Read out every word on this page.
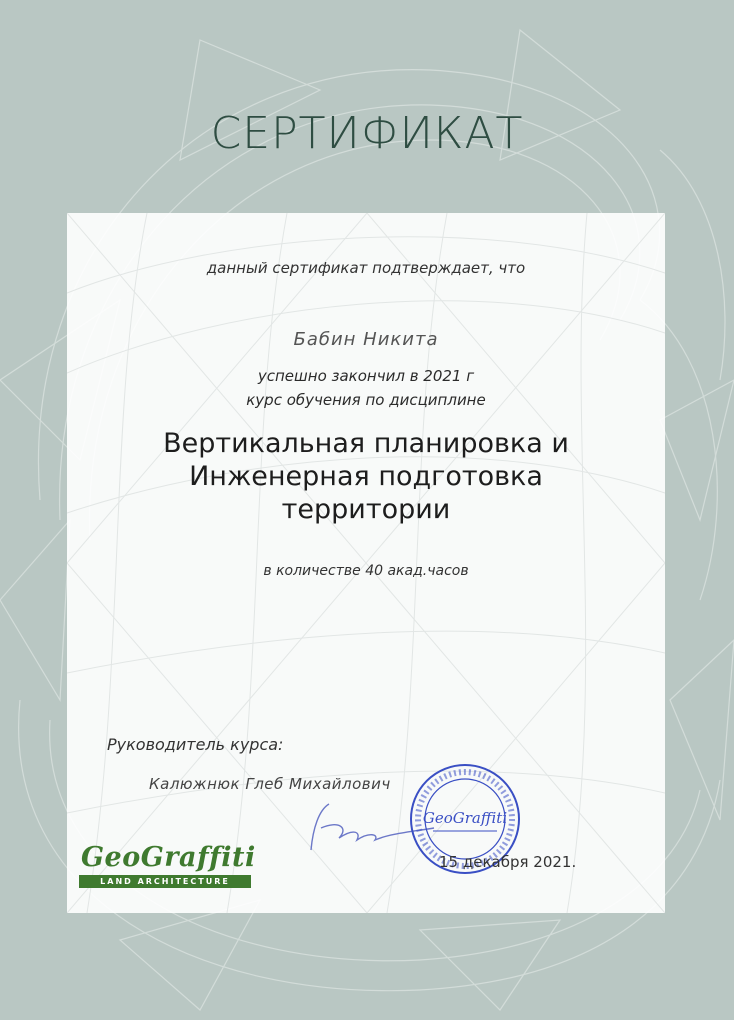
СЕРТИФИКАТ
данный сертификат подтверждает, что
Бабин Никита
успешно закончил в 2021 г
курс обучения по дисциплине
Вертикальная планировка и Инженерная подготовка территории
в количестве 40 акад.часов
Руководитель курса:
Калюжнюк Глеб Михайлович
GeoGraffiti
15 декабря 2021.
GeoGraffiti
LAND ARCHITECTURE
